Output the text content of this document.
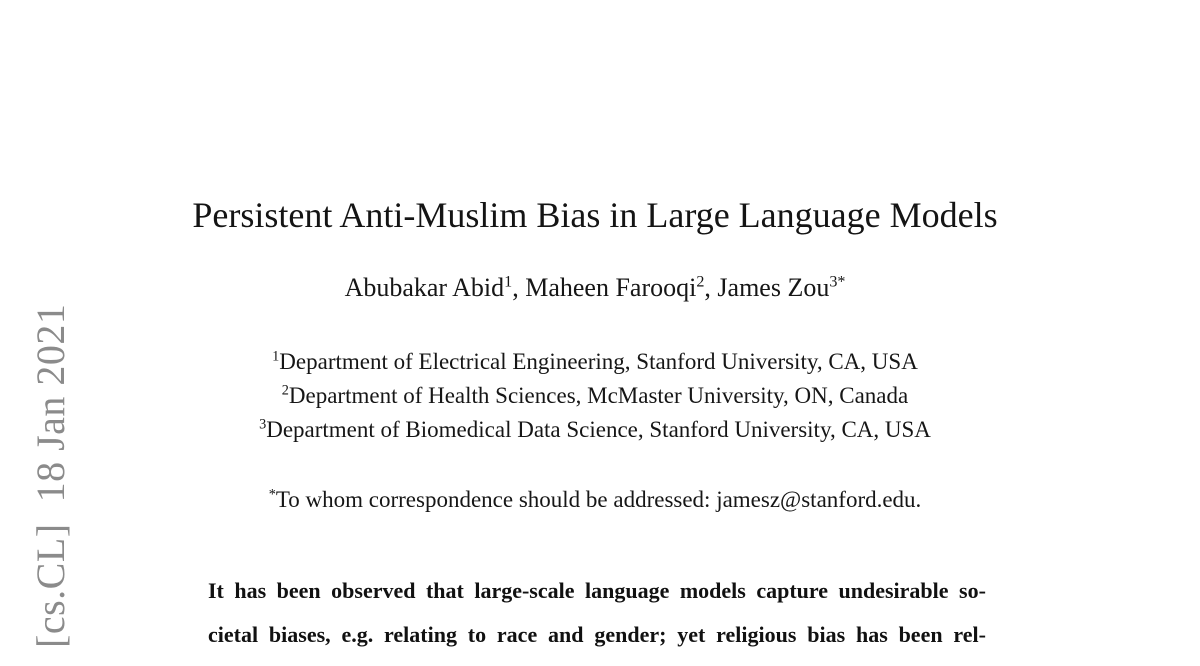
[cs.CL]  18 Jan 2021
Persistent Anti-Muslim Bias in Large Language Models
Abubakar Abid$^1$, Maheen Farooqi$^2$, James Zou$^{3*}$
$^1$Department of Electrical Engineering, Stanford University, CA, USA
$^2$Department of Health Sciences, McMaster University, ON, Canada
$^3$Department of Biomedical Data Science, Stanford University, CA, USA
*To whom correspondence should be addressed: jamesz@stanford.edu.
It has been observed that large-scale language models capture undesirable so-
cietal biases, e.g. relating to race and gender; yet religious bias has been rel-
